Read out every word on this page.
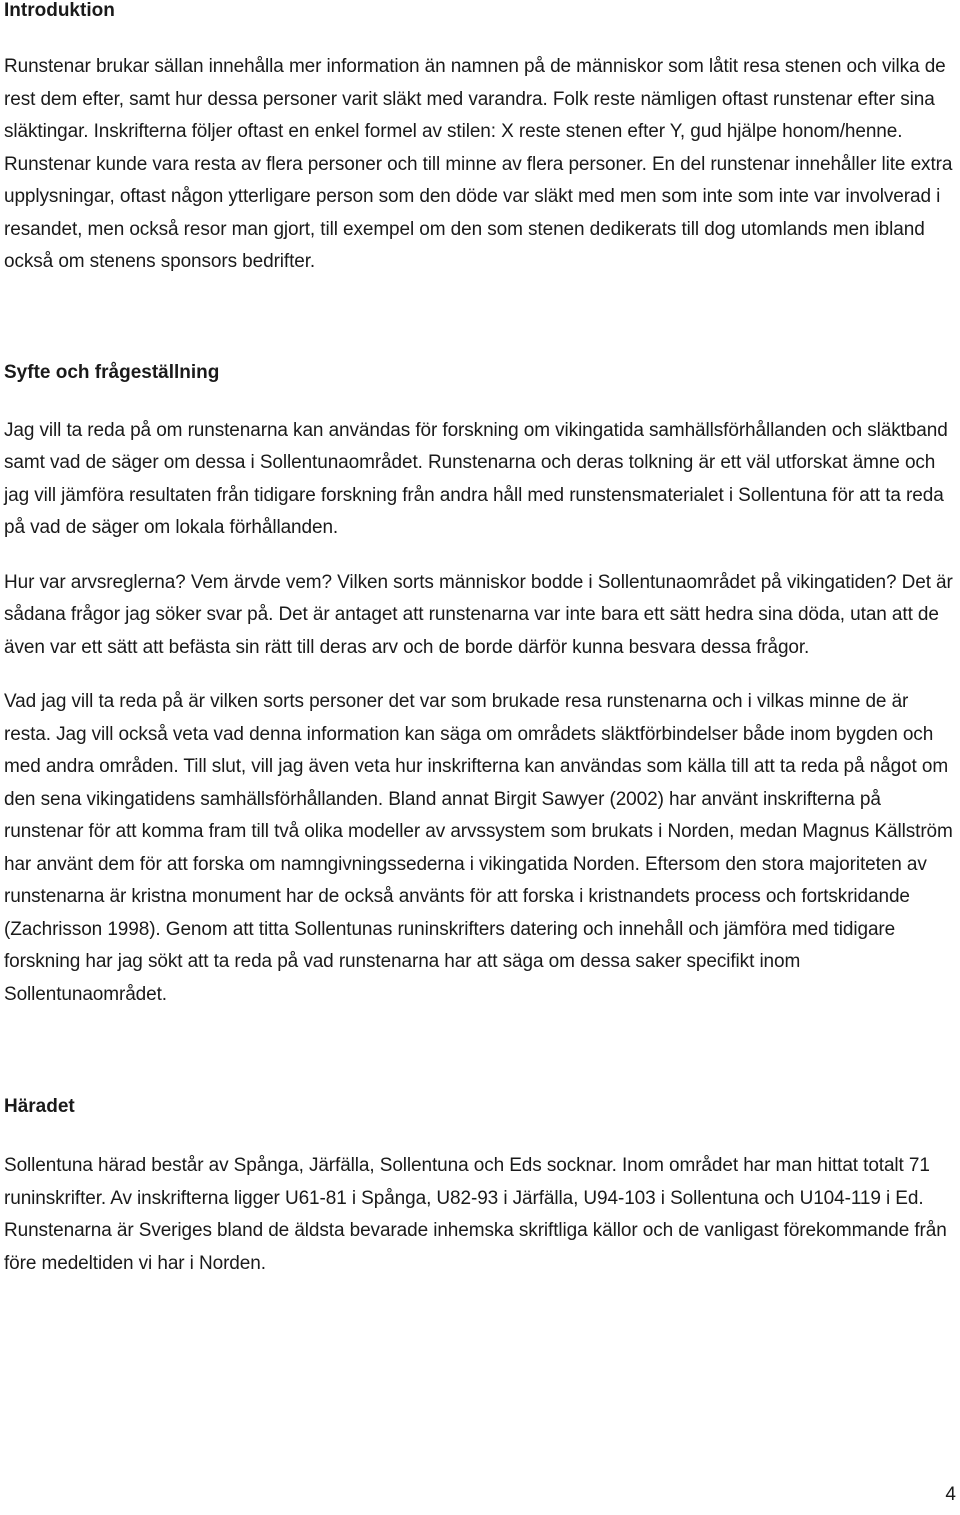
Introduktion

Runstenar brukar sällan innehålla mer information än namnen på de människor som låtit resa stenen och vilka de rest dem efter, samt hur dessa personer varit släkt med varandra. Folk reste nämligen oftast runstenar efter sina släktingar. Inskrifterna följer oftast en enkel formel av stilen: X reste stenen efter Y, gud hjälpe honom/henne. Runstenar kunde vara resta av flera personer och till minne av flera personer. En del runstenar innehåller lite extra upplysningar, oftast någon ytterligare person som den döde var släkt med men som inte som inte var involverad i resandet, men också resor man gjort, till exempel om den som stenen dedikerats till dog utomlands men ibland också om stenens sponsors bedrifter.

Syfte och frågeställning

Jag vill ta reda på om runstenarna kan användas för forskning om vikingatida samhällsförhållanden och släktband samt vad de säger om dessa i Sollentunaområdet. Runstenarna och deras tolkning är ett väl utforskat ämne och jag vill jämföra resultaten från tidigare forskning från andra håll med runstensmaterialet i Sollentuna för att ta reda på vad de säger om lokala förhållanden.

Hur var arvsreglerna? Vem ärvde vem? Vilken sorts människor bodde i Sollentunaområdet på vikingatiden? Det är sådana frågor jag söker svar på. Det är antaget att runstenarna var inte bara ett sätt hedra sina döda, utan att de även var ett sätt att befästa sin rätt till deras arv och de borde därför kunna besvara dessa frågor.

Vad jag vill ta reda på är vilken sorts personer det var som brukade resa runstenarna och i vilkas minne de är resta. Jag vill också veta vad denna information kan säga om områdets släktförbindelser både inom bygden och med andra områden. Till slut, vill jag även veta hur inskrifterna kan användas som källa till att ta reda på något om den sena vikingatidens samhällsförhållanden. Bland annat Birgit Sawyer (2002) har använt inskrifterna på runstenar för att komma fram till två olika modeller av arvssystem som brukats i Norden, medan Magnus Källström har använt dem för att forska om namngivningssederna i vikingatida Norden. Eftersom den stora majoriteten av runstenarna är kristna monument har de också använts för att forska i kristnandets process och fortskridande (Zachrisson 1998). Genom att titta Sollentunas runinskrifters datering och innehåll och jämföra med tidigare forskning har jag sökt att ta reda på vad runstenarna har att säga om dessa saker specifikt inom Sollentunaområdet.

Häradet

Sollentuna härad består av Spånga, Järfälla, Sollentuna och Eds socknar. Inom området har man hittat totalt 71 runinskrifter. Av inskrifterna ligger U61-81 i Spånga, U82-93 i Järfälla, U94-103 i Sollentuna och U104-119 i Ed. Runstenarna är Sveriges bland de äldsta bevarade inhemska skriftliga källor och de vanligast förekommande från före medeltiden vi har i Norden.

4
